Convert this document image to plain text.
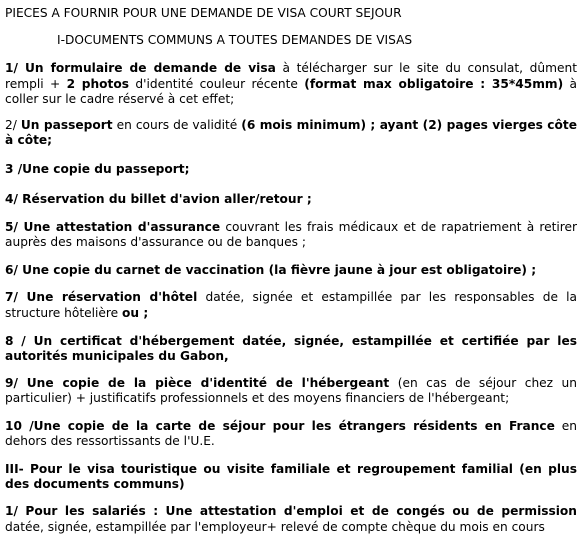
PIECES A FOURNIR POUR UNE DEMANDE DE VISA COURT SEJOUR
I-DOCUMENTS COMMUNS A TOUTES DEMANDES DE VISAS

1/ Un formulaire de demande de visa à télécharger sur le site du consulat, dûment rempli + 2 photos d'identité couleur récente (format max obligatoire : 35*45mm) à coller sur le cadre réservé à cet effet;

2/ Un passeport en cours de validité (6 mois minimum) ; ayant (2) pages vierges côte à côte;

3 /Une copie du passeport;

4/ Réservation du billet d'avion aller/retour ;

5/ Une attestation d'assurance couvrant les frais médicaux et de rapatriement à retirer auprès des maisons d'assurance ou de banques ;

6/ Une copie du carnet de vaccination (la fièvre jaune à jour est obligatoire) ;

7/ Une réservation d'hôtel datée, signée et estampillée par les responsables de la structure hôtelière ou ;

8 / Un certificat d'hébergement datée, signée, estampillée et certifiée par les autorités municipales du Gabon,

9/ Une copie de la pièce d'identité de l'hébergeant (en cas de séjour chez un particulier) + justificatifs professionnels et des moyens financiers de l'hébergeant;

10 /Une copie de la carte de séjour pour les étrangers résidents en France en dehors des ressortissants de l'U.E.

III- Pour le visa touristique ou visite familiale et regroupement familial (en plus des documents communs)

1/ Pour les salariés : Une attestation d'emploi et de congés ou de permission datée, signée, estampillée par l'employeur+ relevé de compte chèque du mois en cours
